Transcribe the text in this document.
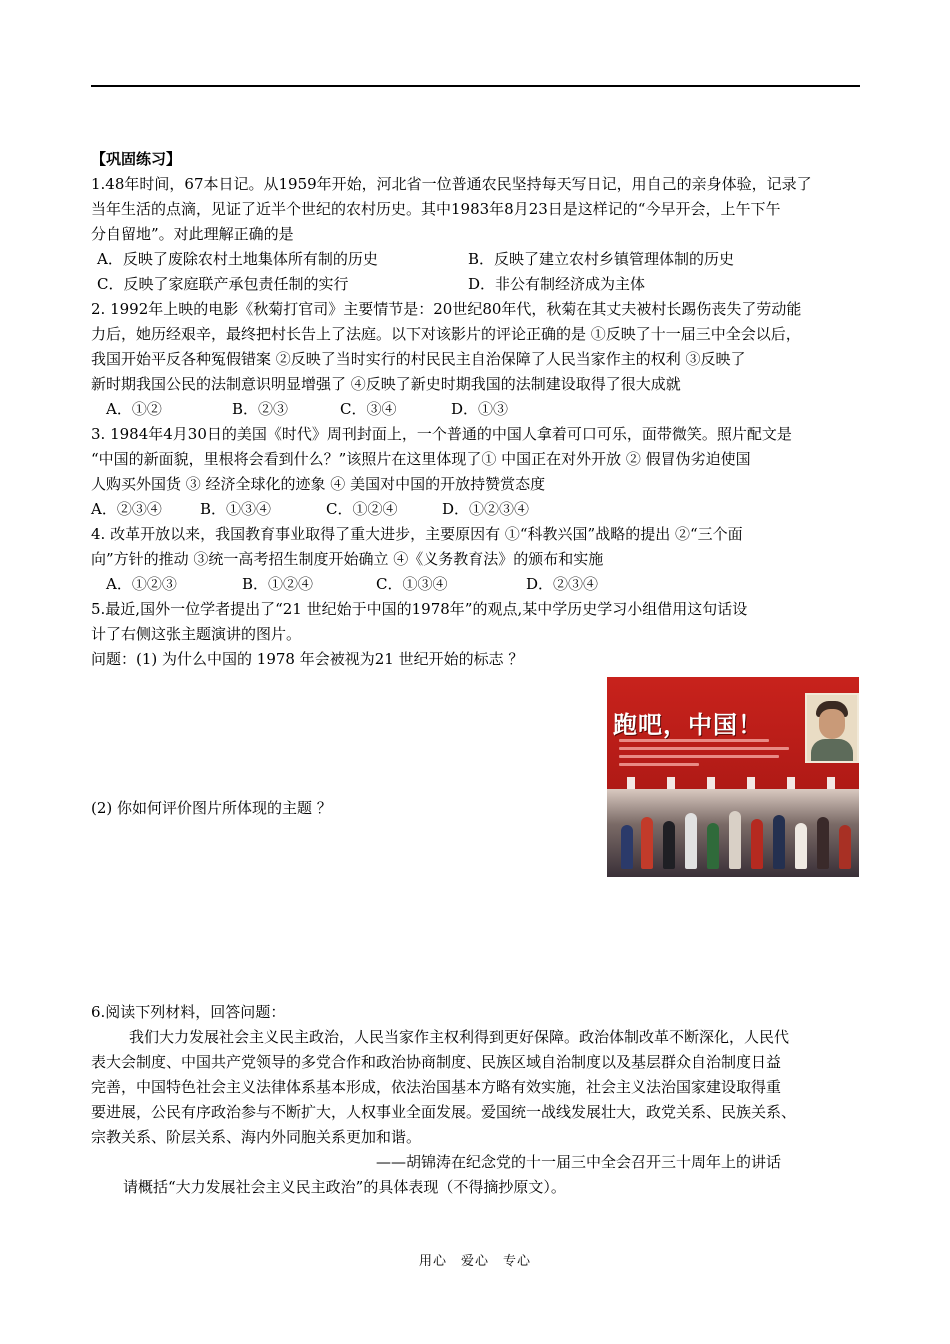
【巩固练习】
1.48年时间，67本日记。从1959年开始，河北省一位普通农民坚持每天写日记，用自己的亲身体验，记录了
当年生活的点滴，见证了近半个世纪的农村历史。其中1983年8月23日是这样记的“今早开会，上午下午
分自留地”。对此理解正确的是
A．反映了废除农村土地集体所有制的历史	B．反映了建立农村乡镇管理体制的历史
C．反映了家庭联产承包责任制的实行	D．非公有制经济成为主体
2. 1992年上映的电影《秋菊打官司》主要情节是：20世纪80年代，秋菊在其丈夫被村长踢伤丧失了劳动能
力后，她历经艰辛，最终把村长告上了法庭。以下对该影片的评论正确的是 ①反映了十一届三中全会以后，
我国开始平反各种冤假错案 ②反映了当时实行的村民民主自治保障了人民当家作主的权利 ③反映了
新时期我国公民的法制意识明显增强了 ④反映了新史时期我国的法制建设取得了很大成就
A．①②	B．②③	C．③④	D．①③
3. 1984年4月30日的美国《时代》周刊封面上，一个普通的中国人拿着可口可乐，面带微笑。照片配文是
“中国的新面貌，里根将会看到什么？”该照片在这里体现了① 中国正在对外开放 ② 假冒伪劣迫使国
人购买外国货 ③ 经济全球化的迹象 ④ 美国对中国的开放持赞赏态度
A．②③④	B．①③④	C．①②④	D．①②③④
4. 改革开放以来，我国教育事业取得了重大进步，主要原因有 ①“科教兴国”战略的提出 ②“三个面
向”方针的推动 ③统一高考招生制度开始确立 ④《义务教育法》的颁布和实施
A．①②③	B．①②④	C．①③④	D．②③④
5.最近,国外一位学者提出了“21 世纪始于中国的1978年”的观点,某中学历史学习小组借用这句话设
计了右侧这张主题演讲的图片。
问题：(1) 为什么中国的 1978 年会被视为21 世纪开始的标志 ？
(2) 你如何评价图片所体现的主题 ？
跑吧，中国！
6.阅读下列材料，回答问题：
我们大力发展社会主义民主政治，人民当家作主权利得到更好保障。政治体制改革不断深化，人民代
表大会制度、中国共产党领导的多党合作和政治协商制度、民族区域自治制度以及基层群众自治制度日益
完善，中国特色社会主义法律体系基本形成，依法治国基本方略有效实施，社会主义法治国家建设取得重
要进展，公民有序政治参与不断扩大，人权事业全面发展。爱国统一战线发展壮大，政党关系、民族关系、
宗教关系、阶层关系、海内外同胞关系更加和谐。
——胡锦涛在纪念党的十一届三中全会召开三十周年上的讲话
请概括“大力发展社会主义民主政治”的具体表现（不得摘抄原文）。
用心　爱心　专心
